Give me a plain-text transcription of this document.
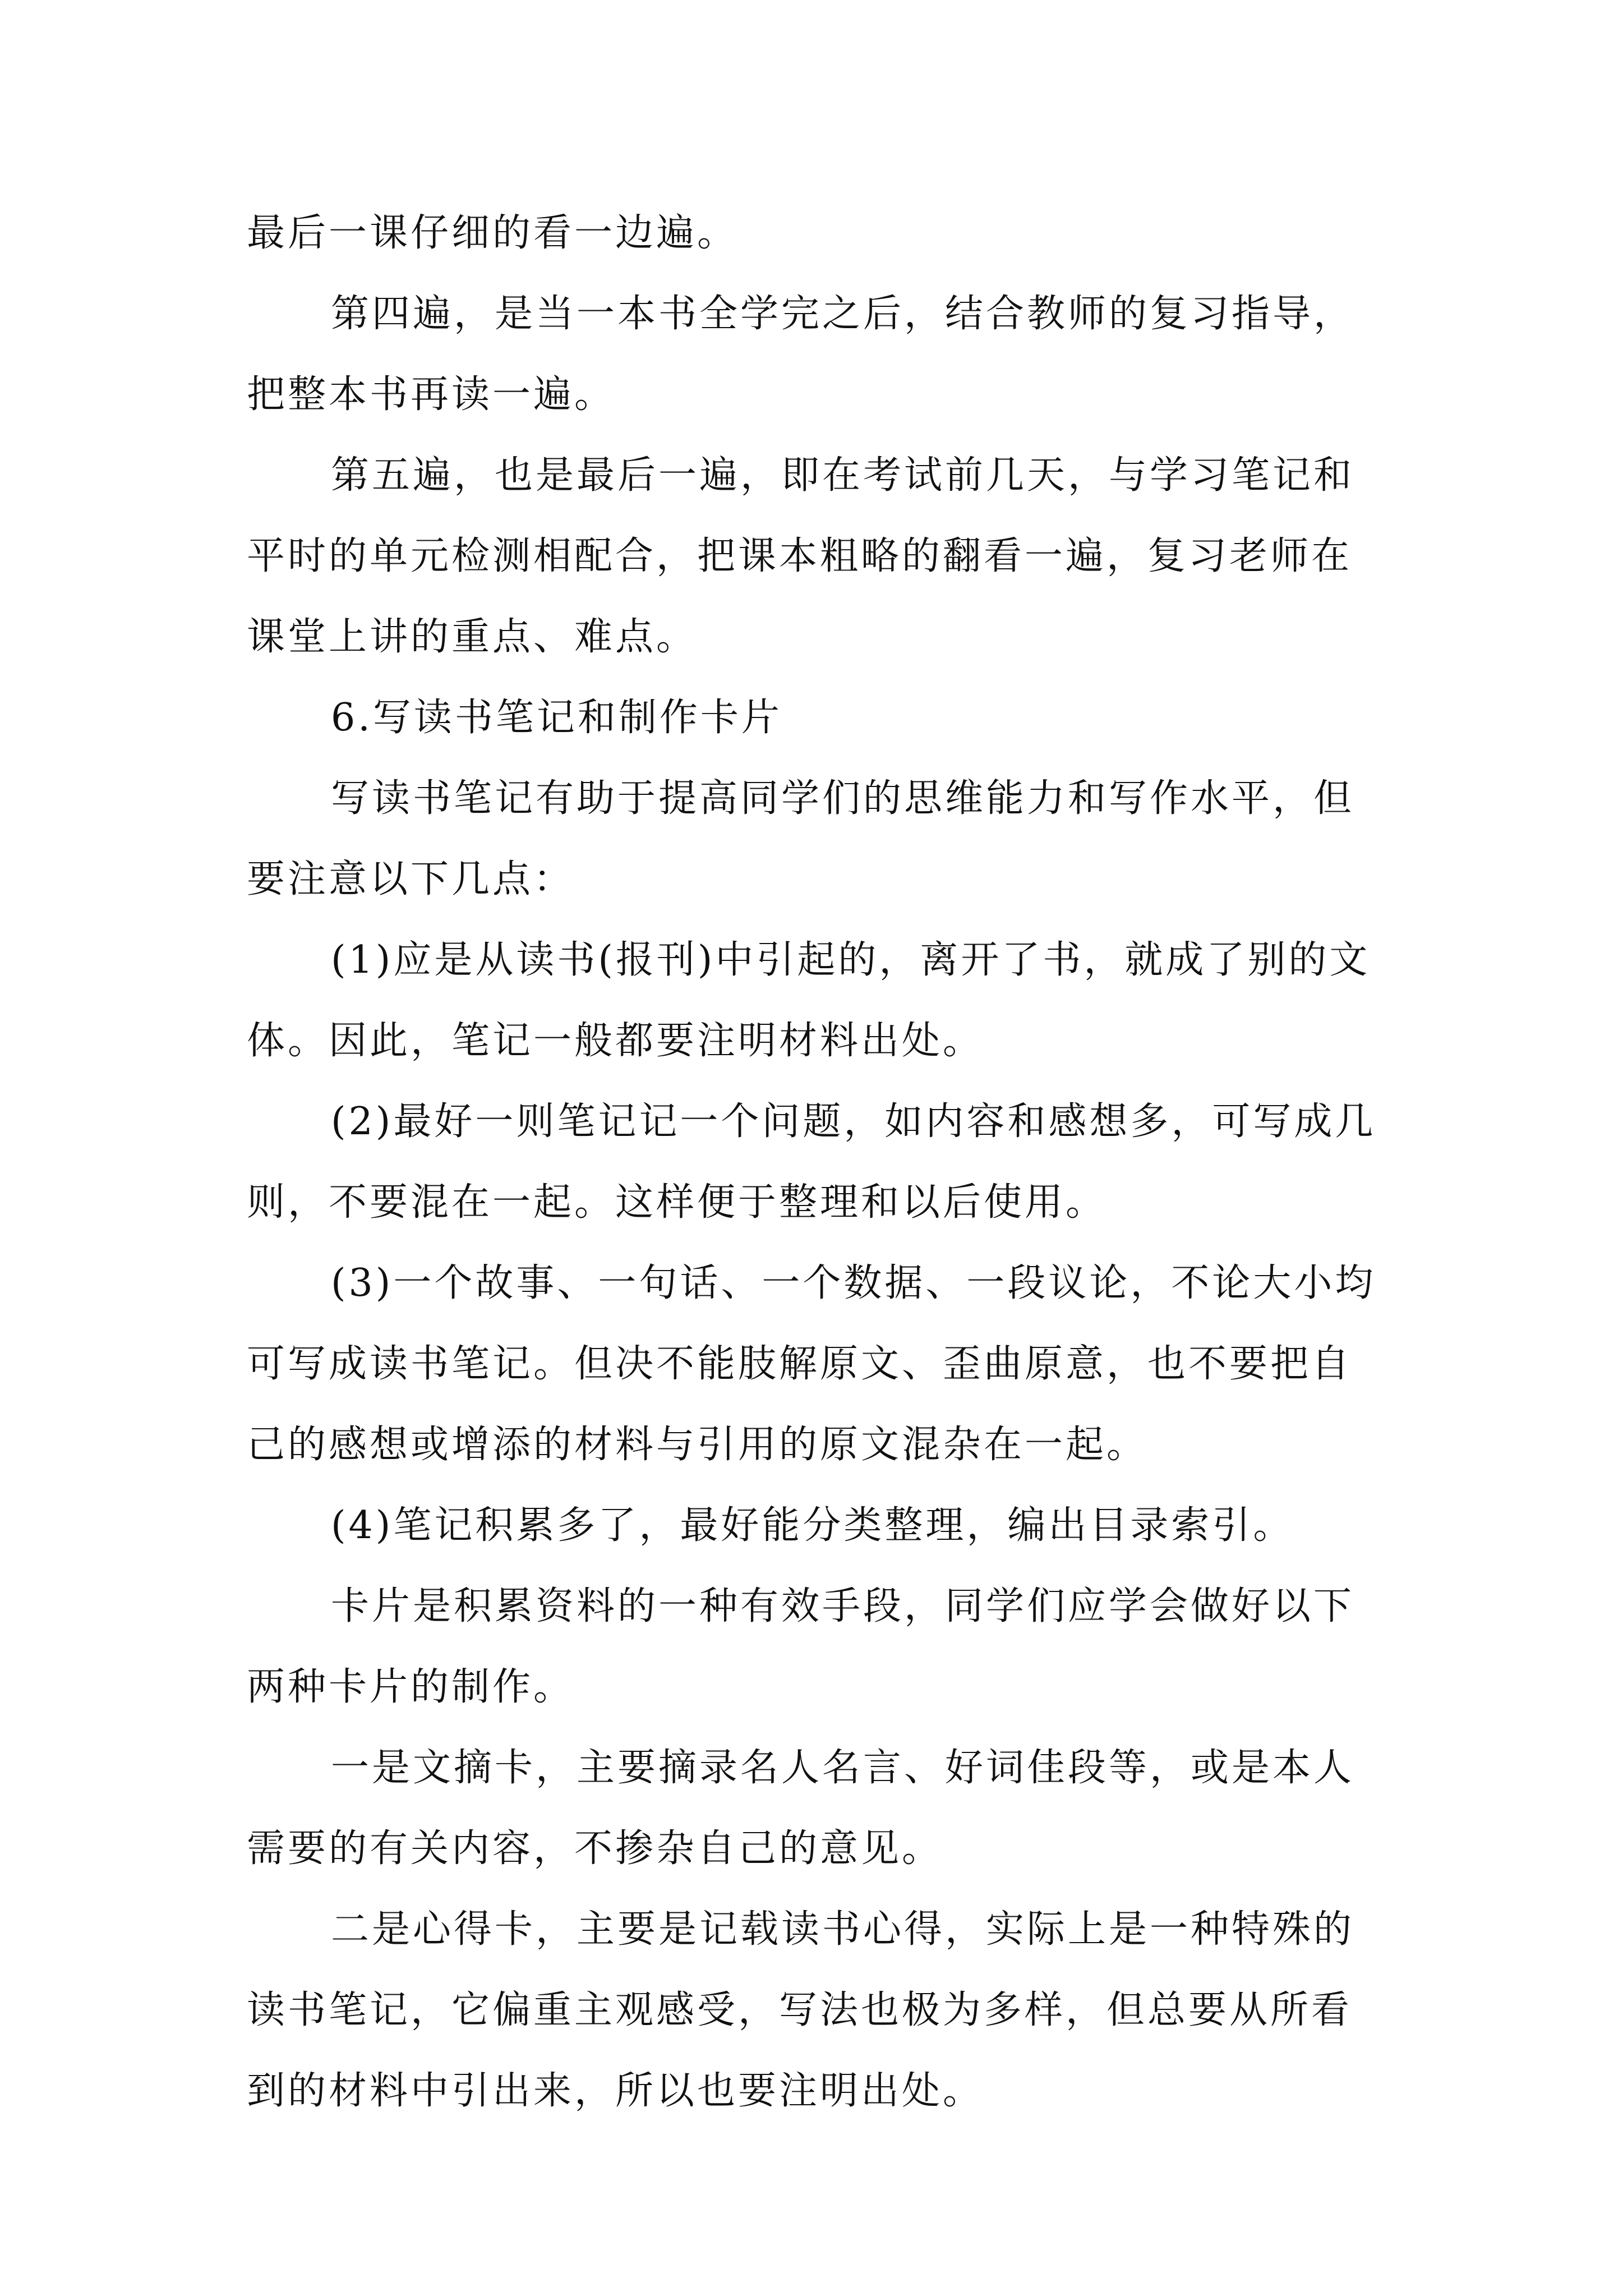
最后一课仔细的看一边遍。

第四遍，是当一本书全学完之后，结合教师的复习指导，把整本书再读一遍。

第五遍，也是最后一遍，即在考试前几天，与学习笔记和平时的单元检测相配合，把课本粗略的翻看一遍，复习老师在课堂上讲的重点、难点。

6.写读书笔记和制作卡片

写读书笔记有助于提高同学们的思维能力和写作水平，但要注意以下几点：

(1)应是从读书(报刊)中引起的，离开了书，就成了别的文体。因此，笔记一般都要注明材料出处。

(2)最好一则笔记记一个问题，如内容和感想多，可写成几则，不要混在一起。这样便于整理和以后使用。

(3)一个故事、一句话、一个数据、一段议论，不论大小均可写成读书笔记。但决不能肢解原文、歪曲原意，也不要把自己的感想或增添的材料与引用的原文混杂在一起。

(4)笔记积累多了，最好能分类整理，编出目录索引。

卡片是积累资料的一种有效手段，同学们应学会做好以下两种卡片的制作。

一是文摘卡，主要摘录名人名言、好词佳段等，或是本人需要的有关内容，不掺杂自己的意见。

二是心得卡，主要是记载读书心得，实际上是一种特殊的读书笔记，它偏重主观感受，写法也极为多样，但总要从所看到的材料中引出来，所以也要注明出处。
